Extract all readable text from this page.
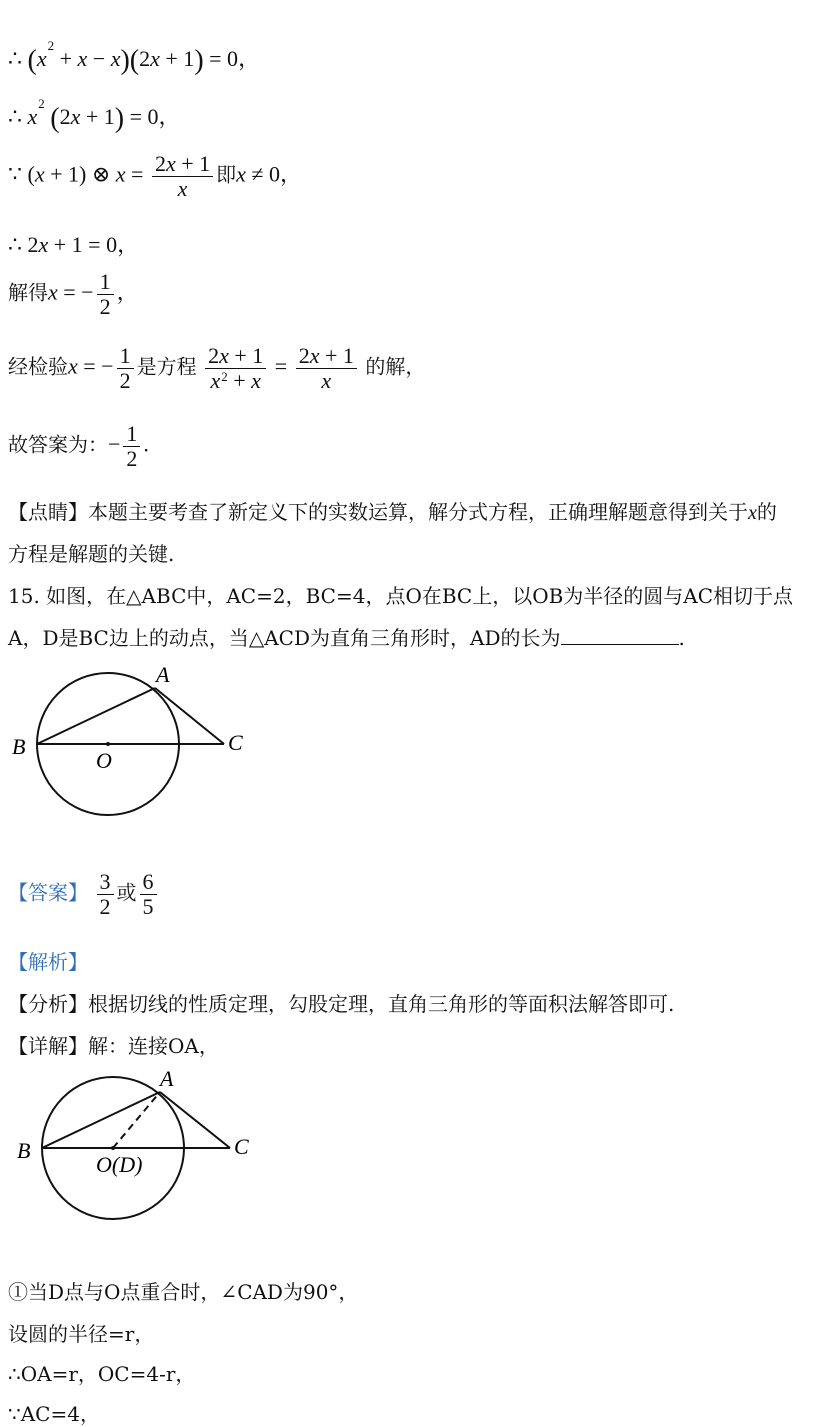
∴ $(x^2 + x - x)(2x + 1) = 0$，
∴ $x^2$ (2x + 1) = 0，
∵ (x + 1) ⊗ $x = \frac{2x + 1}{x}$ 即x ≠ 0，
∴ 2x + 1 = 0，
解得x = − $\frac{1}{2}$ ，
经检验x = − $\frac{1}{2}$ 是方程 $\frac{2x + 1}{x^2 + x} = \frac{2x + 1}{x}$ 的解，
故答案为：− $\frac{1}{2}$ .
【点睛】本题主要考查了新定义下的实数运算，解分式方程，正确理解题意得到关于x的
方程是解题的关键.
15. 如图，在△ABC中，AC=2，BC=4，点O在BC上，以OB为半径的圆与AC相切于点
A，D是BC边上的动点，当△ACD为直角三角形时，AD的长为	.
A
B	C
O
【答案】 $\frac{3}{2}$ 或 $\frac{6}{5}$
【解析】
【分析】根据切线的性质定理，勾股定理，直角三角形的等面积法解答即可.
【详解】解：连接OA，
A
B	C
O(D)
①当D点与O点重合时，∠CAD为90°，
设圆的半径=r，
∴OA=r，OC=4-r，
∵AC=4，
